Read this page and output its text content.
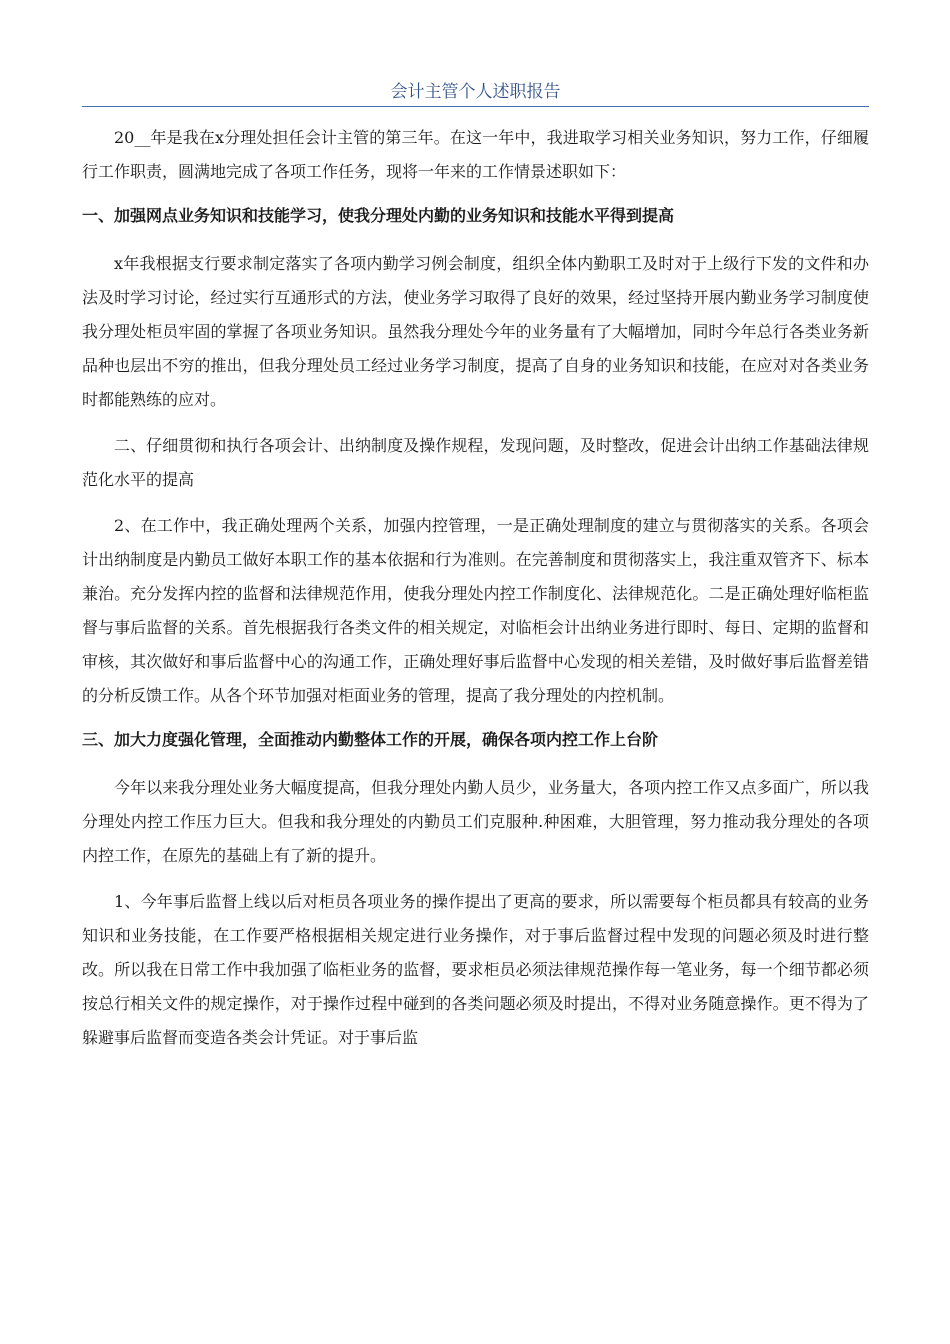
会计主管个人述职报告

20__年是我在x分理处担任会计主管的第三年。在这一年中，我进取学习相关业务知识，努力工作，仔细履行工作职责，圆满地完成了各项工作任务，现将一年来的工作情景述职如下：

一、加强网点业务知识和技能学习，使我分理处内勤的业务知识和技能水平得到提高

x年我根据支行要求制定落实了各项内勤学习例会制度，组织全体内勤职工及时对于上级行下发的文件和办法及时学习讨论，经过实行互通形式的方法，使业务学习取得了良好的效果，经过坚持开展内勤业务学习制度使我分理处柜员牢固的掌握了各项业务知识。虽然我分理处今年的业务量有了大幅增加，同时今年总行各类业务新品种也层出不穷的推出，但我分理处员工经过业务学习制度，提高了自身的业务知识和技能，在应对对各类业务时都能熟练的应对。

二、仔细贯彻和执行各项会计、出纳制度及操作规程，发现问题，及时整改，促进会计出纳工作基础法律规范化水平的提高

2、在工作中，我正确处理两个关系，加强内控管理，一是正确处理制度的建立与贯彻落实的关系。各项会计出纳制度是内勤员工做好本职工作的基本依据和行为准则。在完善制度和贯彻落实上，我注重双管齐下、标本兼治。充分发挥内控的监督和法律规范作用，使我分理处内控工作制度化、法律规范化。二是正确处理好临柜监督与事后监督的关系。首先根据我行各类文件的相关规定，对临柜会计出纳业务进行即时、每日、定期的监督和审核，其次做好和事后监督中心的沟通工作，正确处理好事后监督中心发现的相关差错，及时做好事后监督差错的分析反馈工作。从各个环节加强对柜面业务的管理，提高了我分理处的内控机制。

三、加大力度强化管理，全面推动内勤整体工作的开展，确保各项内控工作上台阶

今年以来我分理处业务大幅度提高，但我分理处内勤人员少，业务量大，各项内控工作又点多面广，所以我分理处内控工作压力巨大。但我和我分理处的内勤员工们克服种.种困难，大胆管理，努力推动我分理处的各项内控工作，在原先的基础上有了新的提升。

1、今年事后监督上线以后对柜员各项业务的操作提出了更高的要求，所以需要每个柜员都具有较高的业务知识和业务技能，在工作要严格根据相关规定进行业务操作，对于事后监督过程中发现的问题必须及时进行整改。所以我在日常工作中我加强了临柜业务的监督，要求柜员必须法律规范操作每一笔业务，每一个细节都必须按总行相关文件的规定操作，对于操作过程中碰到的各类问题必须及时提出，不得对业务随意操作。更不得为了躲避事后监督而变造各类会计凭证。对于事后监
